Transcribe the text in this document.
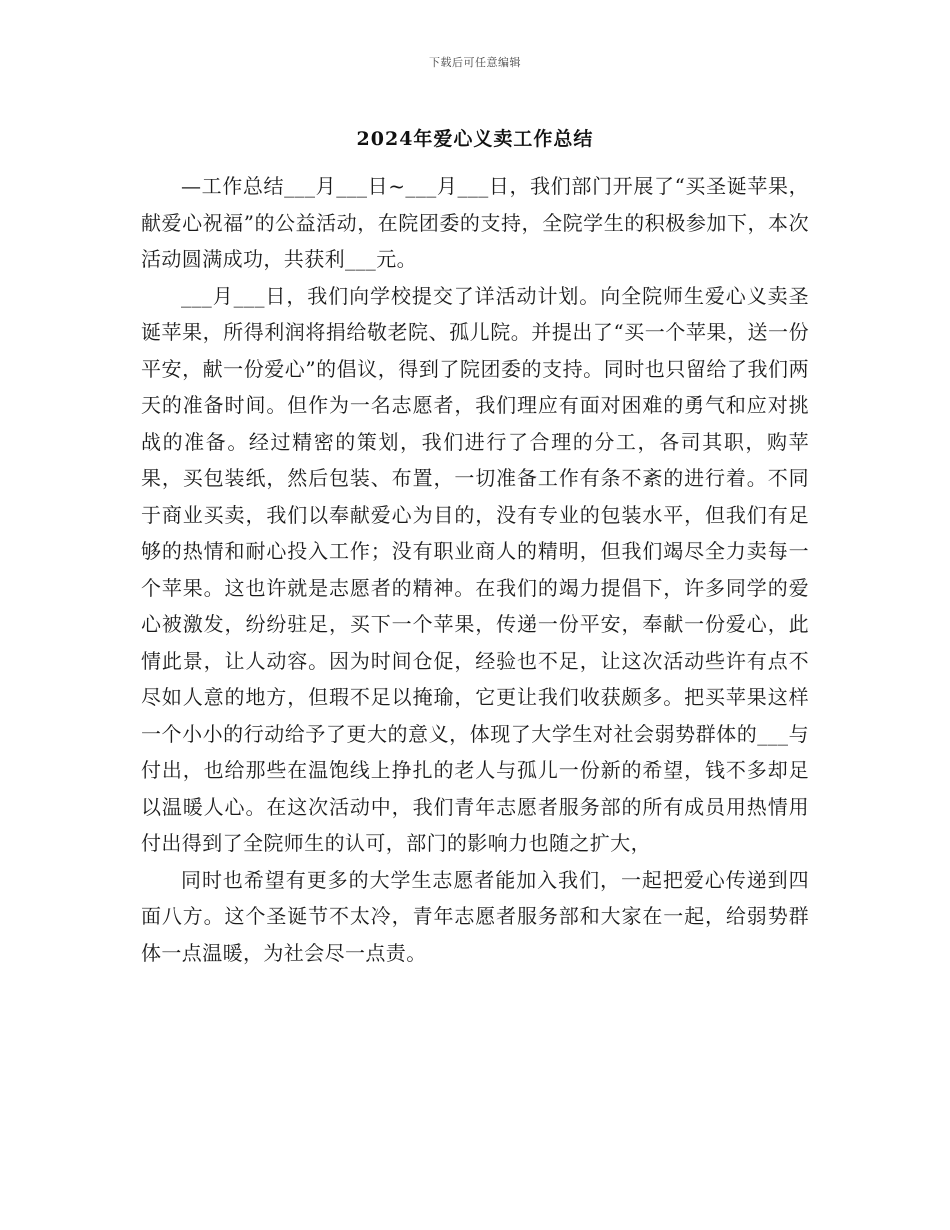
下载后可任意编辑
2024年爱心义卖工作总结

—工作总结___月___日~___月___日，我们部门开展了“买圣诞苹果，献爱心祝福”的公益活动，在院团委的支持，全院学生的积极参加下，本次活动圆满成功，共获利___元。

___月___日，我们向学校提交了详活动计划。向全院师生爱心义卖圣诞苹果，所得利润将捐给敬老院、孤儿院。并提出了“买一个苹果，送一份平安，献一份爱心”的倡议，得到了院团委的支持。同时也只留给了我们两天的准备时间。但作为一名志愿者，我们理应有面对困难的勇气和应对挑战的准备。经过精密的策划，我们进行了合理的分工，各司其职，购苹果，买包装纸，然后包装、布置，一切准备工作有条不紊的进行着。不同于商业买卖，我们以奉献爱心为目的，没有专业的包装水平，但我们有足够的热情和耐心投入工作；没有职业商人的精明，但我们竭尽全力卖每一个苹果。这也许就是志愿者的精神。在我们的竭力提倡下，许多同学的爱心被激发，纷纷驻足，买下一个苹果，传递一份平安，奉献一份爱心，此情此景，让人动容。因为时间仓促，经验也不足，让这次活动些许有点不尽如人意的地方，但瑕不足以掩瑜，它更让我们收获颇多。把买苹果这样一个小小的行动给予了更大的意义，体现了大学生对社会弱势群体的___与付出，也给那些在温饱线上挣扎的老人与孤儿一份新的希望，钱不多却足以温暖人心。在这次活动中，我们青年志愿者服务部的所有成员用热情用付出得到了全院师生的认可，部门的影响力也随之扩大，

同时也希望有更多的大学生志愿者能加入我们，一起把爱心传递到四面八方。这个圣诞节不太冷，青年志愿者服务部和大家在一起，给弱势群体一点温暖，为社会尽一点责。
